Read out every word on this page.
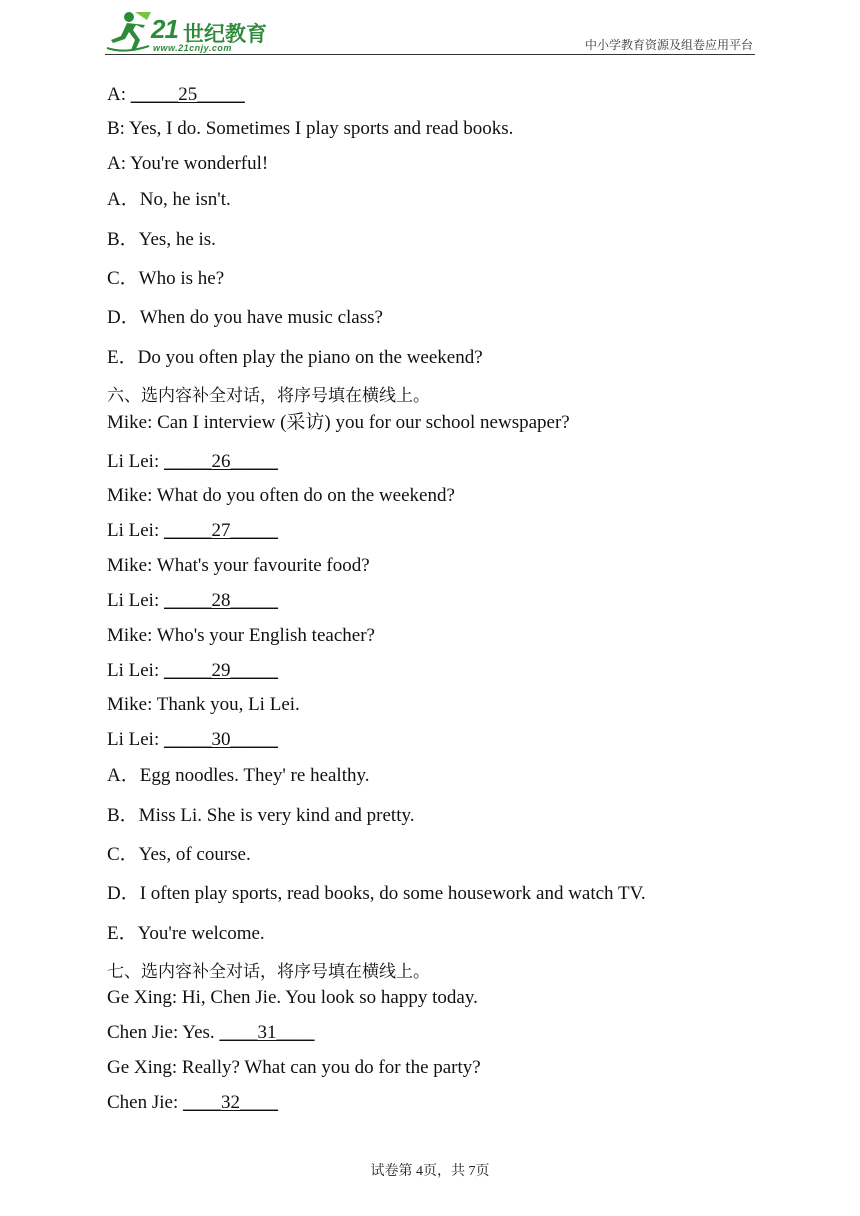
21 世纪教育
www.21cnjy.com	中小学教育资源及组卷应用平台
A: _____25_____
B: Yes, I do. Sometimes I play sports and read books.
A: You're wonderful!
A．No, he isn't.
B．Yes, he is.
C．Who is he?
D．When do you have music class?
E．Do you often play the piano on the weekend?
六、选内容补全对话，将序号填在横线上。
Mike: Can I interview (采访) you for our school newspaper?
Li Lei: _____26_____
Mike: What do you often do on the weekend?
Li Lei: _____27_____
Mike: What's your favourite food?
Li Lei: _____28_____
Mike: Who's your English teacher?
Li Lei: _____29_____
Mike: Thank you, Li Lei.
Li Lei: _____30_____
A．Egg noodles. They' re healthy.
B．Miss Li. She is very kind and pretty.
C．Yes, of course.
D．I often play sports, read books, do some housework and watch TV.
E．You're welcome.
七、选内容补全对话，将序号填在横线上。
Ge Xing: Hi, Chen Jie. You look so happy today.
Chen Jie: Yes. ____31____
Ge Xing: Really? What can you do for the party?
Chen Jie: ____32____
试卷第 4页，共 7页
